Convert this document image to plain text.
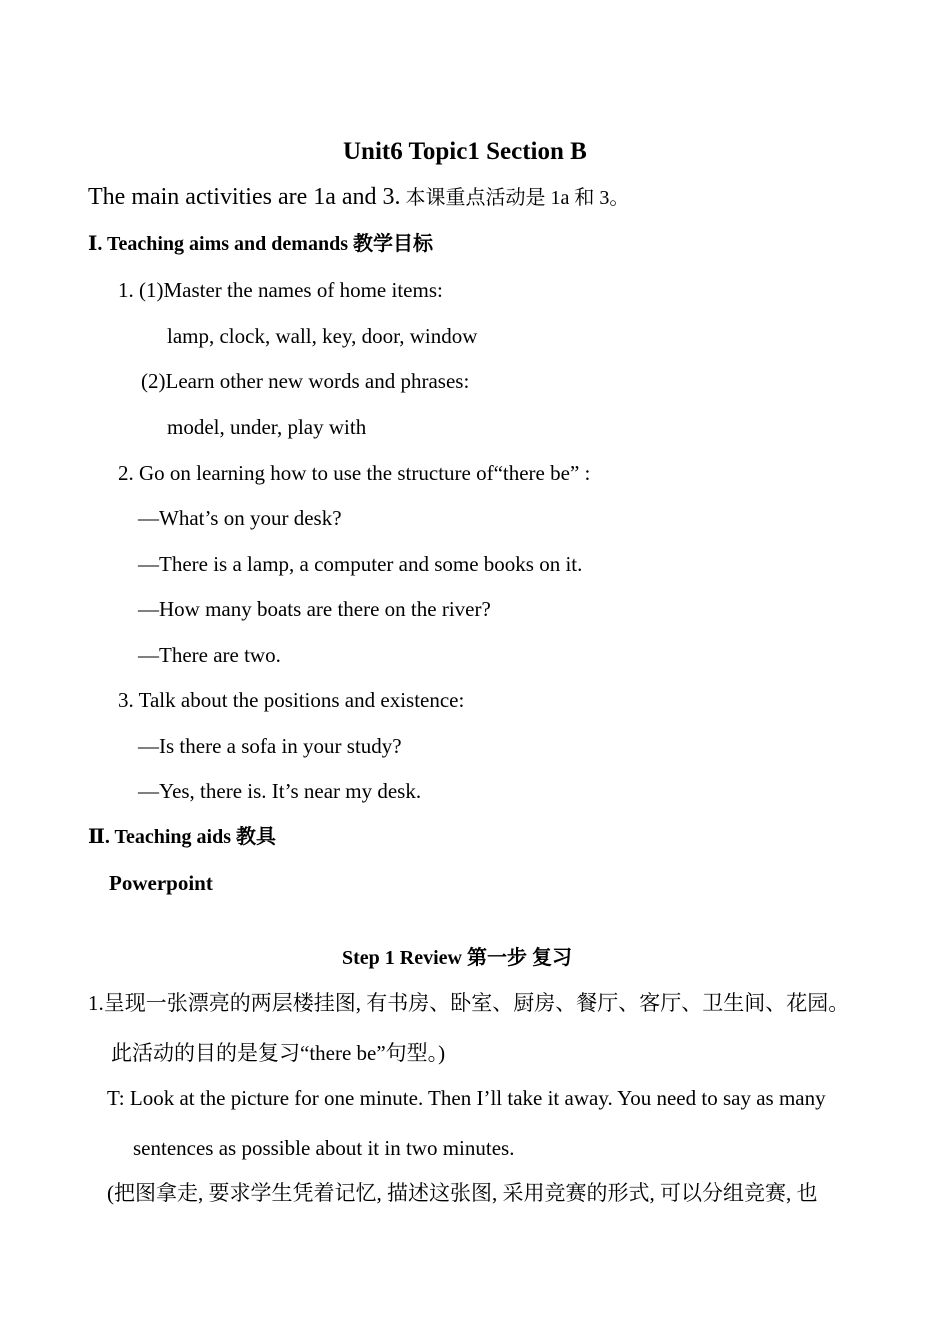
Unit6 Topic1 Section B
The main activities are 1a and 3. 本课重点活动是 1a 和 3。
Ⅰ. Teaching aims and demands 教学目标
1. (1)Master the names of home items:
lamp, clock, wall, key, door, window
(2)Learn other new words and phrases:
model, under, play with
2. Go on learning how to use the structure of“there be” :
—What’s on your desk?
—There is a lamp, a computer and some books on it.
—How many boats are there on the river?
—There are two.
3. Talk about the positions and existence:
—Is there a sofa in your study?
—Yes, there is. It’s near my desk.
Ⅱ. Teaching aids 教具
Powerpoint
Step 1 Review 第一步 复习
1.呈现一张漂亮的两层楼挂图, 有书房、卧室、厨房、餐厅、客厅、卫生间、花园。
此活动的目的是复习“there be”句型。)
T: Look at the picture for one minute. Then I’ll take it away. You need to say as many
sentences as possible about it in two minutes.
(把图拿走, 要求学生凭着记忆, 描述这张图, 采用竞赛的形式, 可以分组竞赛, 也
